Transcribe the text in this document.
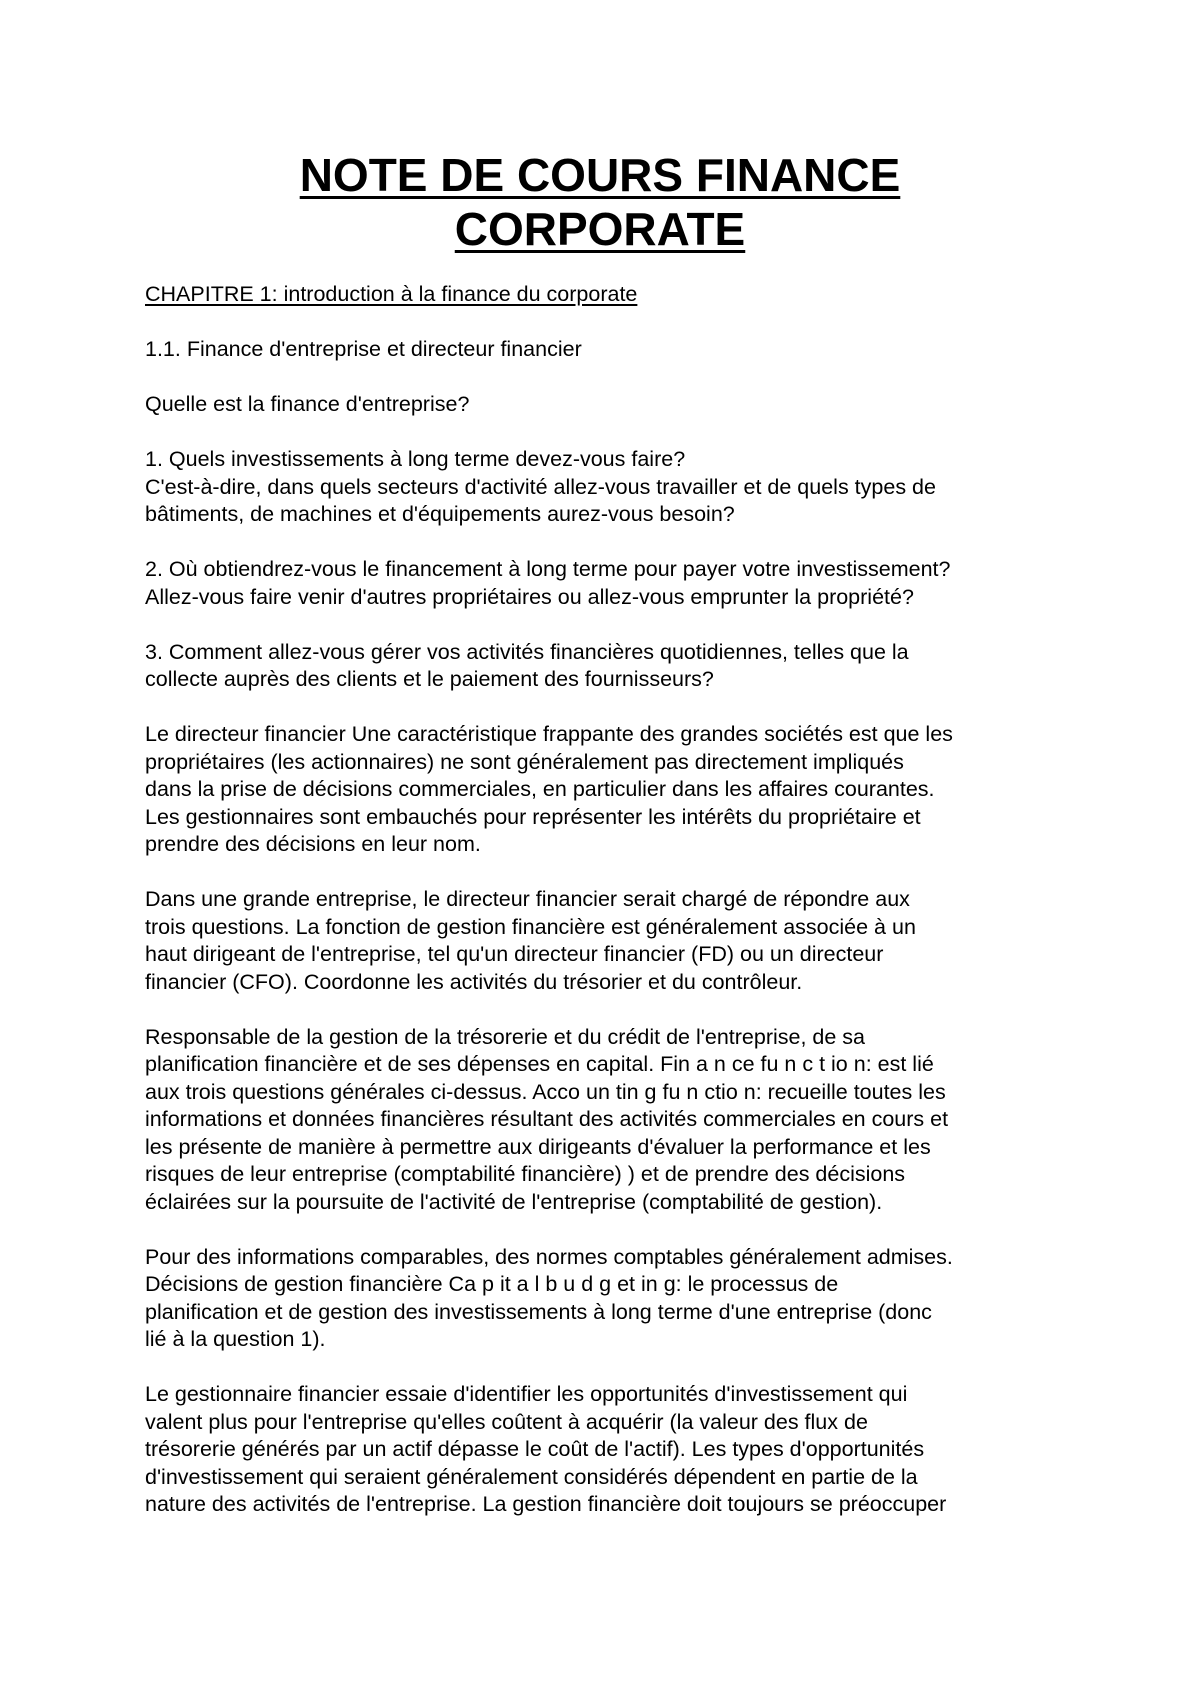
NOTE DE COURS FINANCE
CORPORATE

CHAPITRE 1: introduction à la finance du corporate

1.1. Finance d'entreprise et directeur financier

Quelle est la finance d'entreprise?

1. Quels investissements à long terme devez-vous faire?
C'est-à-dire, dans quels secteurs d'activité allez-vous travailler et de quels types de
bâtiments, de machines et d'équipements aurez-vous besoin?

2. Où obtiendrez-vous le financement à long terme pour payer votre investissement?
Allez-vous faire venir d'autres propriétaires ou allez-vous emprunter la propriété?

3. Comment allez-vous gérer vos activités financières quotidiennes, telles que la
collecte auprès des clients et le paiement des fournisseurs?

Le directeur financier Une caractéristique frappante des grandes sociétés est que les
propriétaires (les actionnaires) ne sont généralement pas directement impliqués
dans la prise de décisions commerciales, en particulier dans les affaires courantes.
Les gestionnaires sont embauchés pour représenter les intérêts du propriétaire et
prendre des décisions en leur nom.

Dans une grande entreprise, le directeur financier serait chargé de répondre aux
trois questions. La fonction de gestion financière est généralement associée à un
haut dirigeant de l'entreprise, tel qu'un directeur financier (FD) ou un directeur
financier (CFO). Coordonne les activités du trésorier et du contrôleur.

Responsable de la gestion de la trésorerie et du crédit de l'entreprise, de sa
planification financière et de ses dépenses en capital. Fin a n ce fu n c t io n: est lié
aux trois questions générales ci-dessus. Acco un tin g fu n ctio n: recueille toutes les
informations et données financières résultant des activités commerciales en cours et
les présente de manière à permettre aux dirigeants d'évaluer la performance et les
risques de leur entreprise (comptabilité financière) ) et de prendre des décisions
éclairées sur la poursuite de l'activité de l'entreprise (comptabilité de gestion).

Pour des informations comparables, des normes comptables généralement admises.
Décisions de gestion financière Ca p it a l b u d g et in g: le processus de
planification et de gestion des investissements à long terme d'une entreprise (donc
lié à la question 1).

Le gestionnaire financier essaie d'identifier les opportunités d'investissement qui
valent plus pour l'entreprise qu'elles coûtent à acquérir (la valeur des flux de
trésorerie générés par un actif dépasse le coût de l'actif). Les types d'opportunités
d'investissement qui seraient généralement considérés dépendent en partie de la
nature des activités de l'entreprise. La gestion financière doit toujours se préoccuper
